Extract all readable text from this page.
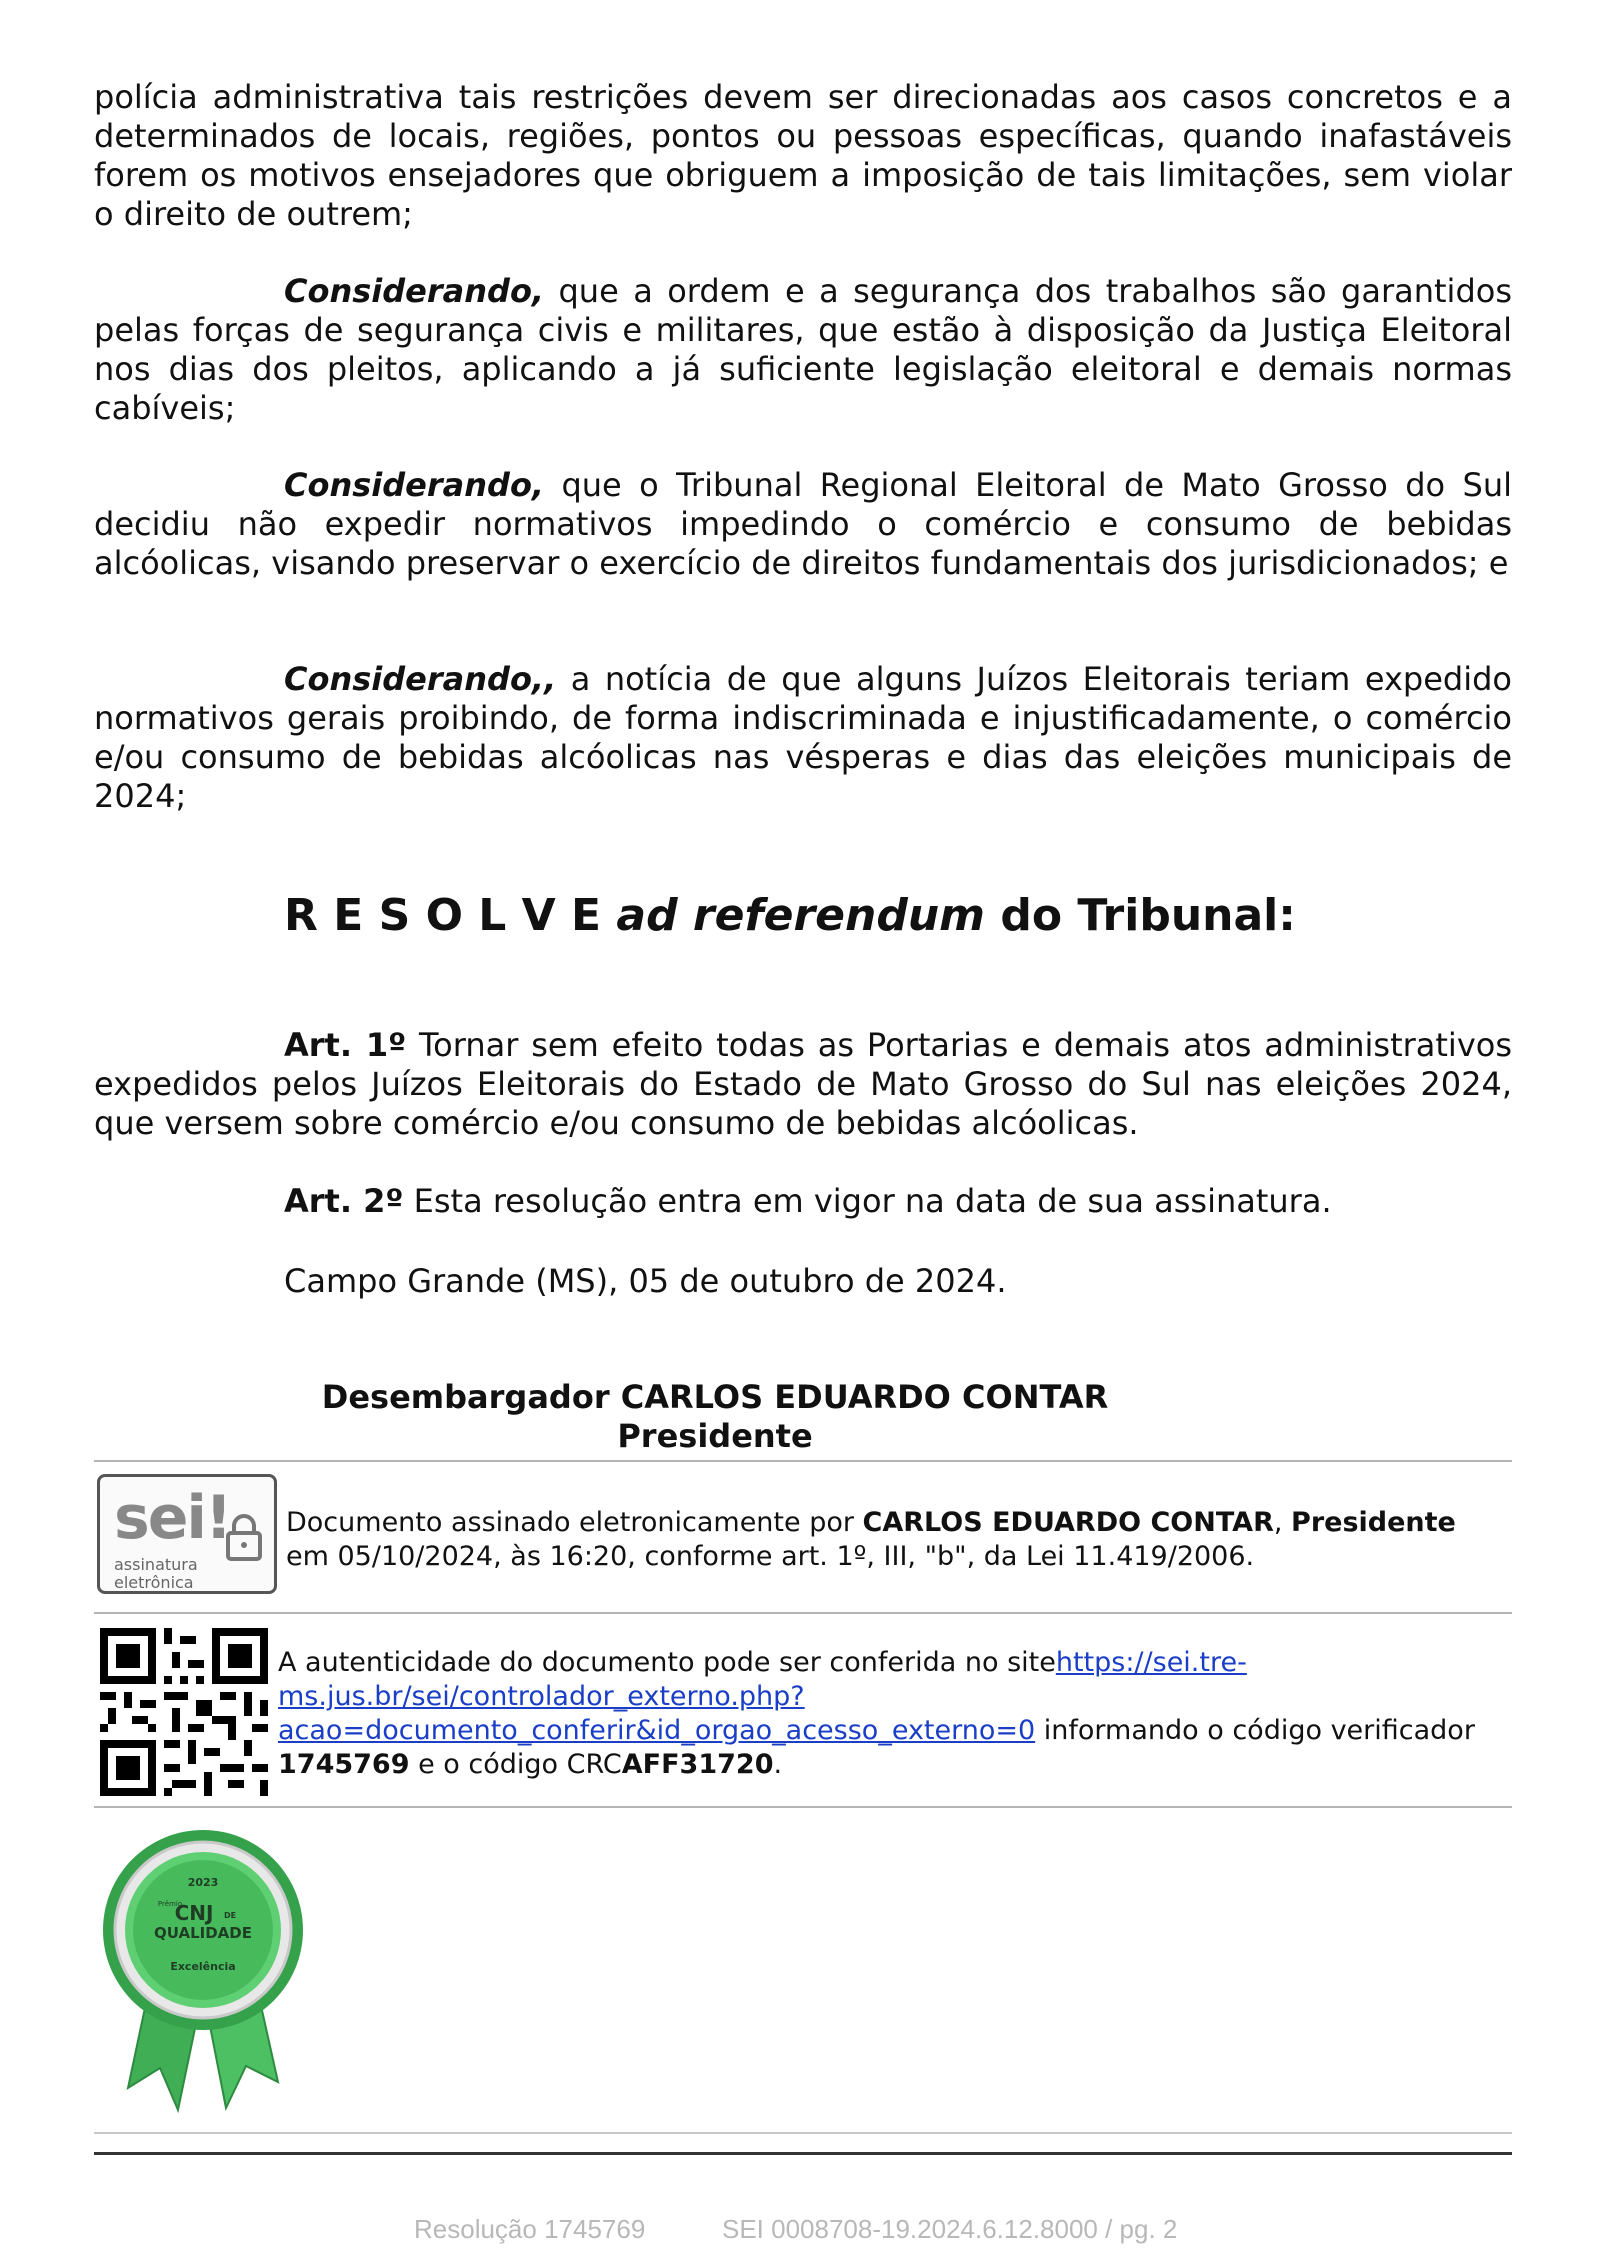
polícia administrativa tais restrições devem ser direcionadas aos casos concretos e a determinados de locais, regiões, pontos ou pessoas específicas, quando inafastáveis forem os motivos ensejadores que obriguem a imposição de tais limitações, sem violar o direito de outrem;

Considerando, que a ordem e a segurança dos trabalhos são garantidos pelas forças de segurança civis e militares, que estão à disposição da Justiça Eleitoral nos dias dos pleitos, aplicando a já suficiente legislação eleitoral e demais normas cabíveis;

Considerando, que o Tribunal Regional Eleitoral de Mato Grosso do Sul decidiu não expedir normativos impedindo o comércio e consumo de bebidas alcóolicas, visando preservar o exercício de direitos fundamentais dos jurisdicionados; e

Considerando,, a notícia de que alguns Juízos Eleitorais teriam expedido normativos gerais proibindo, de forma indiscriminada e injustificadamente, o comércio e/ou consumo de bebidas alcóolicas nas vésperas e dias das eleições municipais de 2024;

R E S O L V E ad referendum do Tribunal:

Art. 1º Tornar sem efeito todas as Portarias e demais atos administrativos expedidos pelos Juízos Eleitorais do Estado de Mato Grosso do Sul nas eleições 2024, que versem sobre comércio e/ou consumo de bebidas alcóolicas.

Art. 2º Esta resolução entra em vigor na data de sua assinatura.
Campo Grande (MS), 05 de outubro de 2024.
Desembargador CARLOS EDUARDO CONTAR
Presidente
sei!
assinatura
eletrônica
Documento assinado eletronicamente por CARLOS EDUARDO CONTAR, Presidente
em 05/10/2024, às 16:20, conforme art. 1º, III, "b", da Lei 11.419/2006.
A autenticidade do documento pode ser conferida no sitehttps://sei.tre-
ms.jus.br/sei/controlador_externo.php?
acao=documento_conferir&id_orgao_acesso_externo=0 informando o código verificador
1745769 e o código CRCAFF31720.
2023
Prêmio
CNJ DE
QUALIDADE
Excelência
Resolução 1745769	SEI 0008708-19.2024.6.12.8000 / pg. 2
